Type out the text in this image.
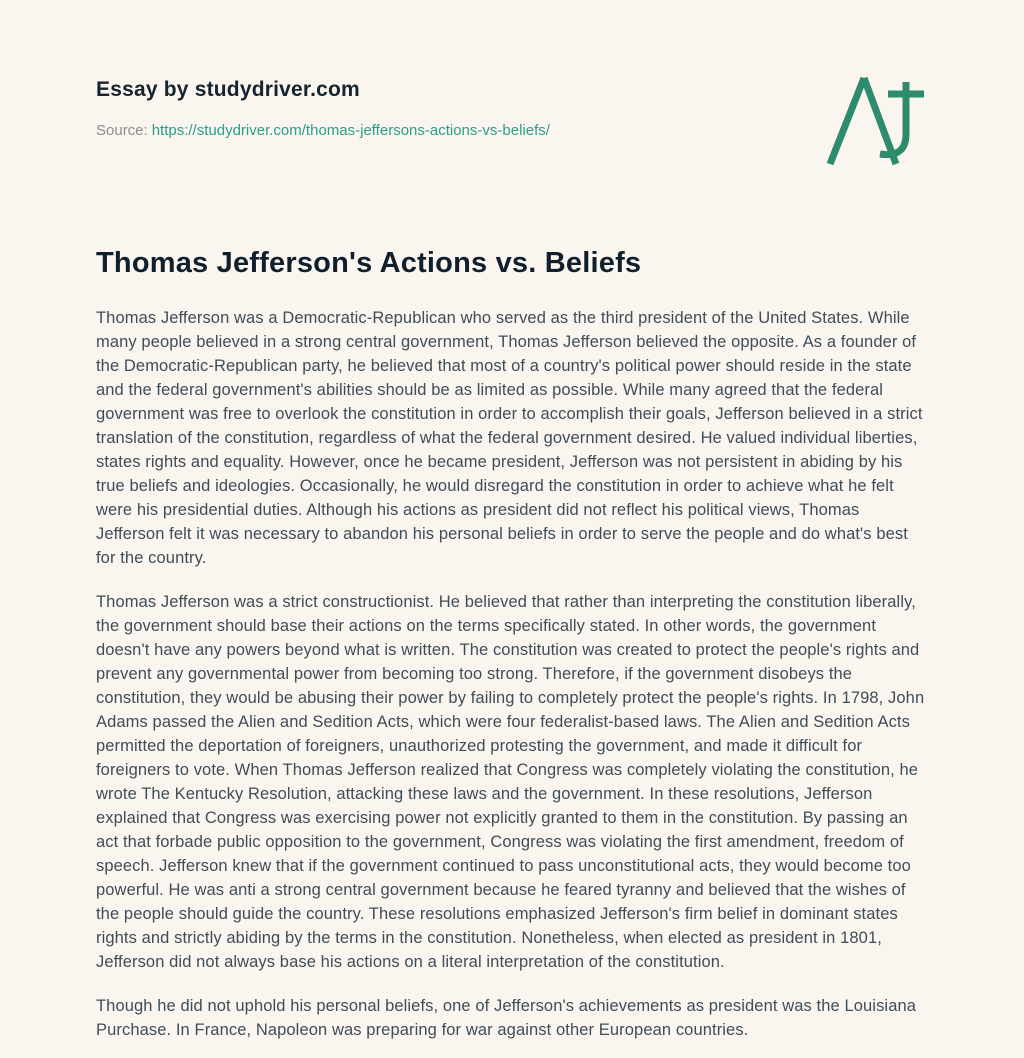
Essay by studydriver.com
Source: https://studydriver.com/thomas-jeffersons-actions-vs-beliefs/
Thomas Jefferson's Actions vs. Beliefs

Thomas Jefferson was a Democratic-Republican who served as the third president of the United States. While many people believed in a strong central government, Thomas Jefferson believed the opposite. As a founder of the Democratic-Republican party, he believed that most of a country's political power should reside in the state and the federal government's abilities should be as limited as possible. While many agreed that the federal government was free to overlook the constitution in order to accomplish their goals, Jefferson believed in a strict translation of the constitution, regardless of what the federal government desired. He valued individual liberties, states rights and equality. However, once he became president, Jefferson was not persistent in abiding by his true beliefs and ideologies. Occasionally, he would disregard the constitution in order to achieve what he felt were his presidential duties. Although his actions as president did not reflect his political views, Thomas Jefferson felt it was necessary to abandon his personal beliefs in order to serve the people and do what's best for the country.

Thomas Jefferson was a strict constructionist. He believed that rather than interpreting the constitution liberally, the government should base their actions on the terms specifically stated. In other words, the government doesn't have any powers beyond what is written. The constitution was created to protect the people's rights and prevent any governmental power from becoming too strong. Therefore, if the government disobeys the constitution, they would be abusing their power by failing to completely protect the people's rights. In 1798, John Adams passed the Alien and Sedition Acts, which were four federalist-based laws. The Alien and Sedition Acts permitted the deportation of foreigners, unauthorized protesting the government, and made it difficult for foreigners to vote. When Thomas Jefferson realized that Congress was completely violating the constitution, he wrote The Kentucky Resolution, attacking these laws and the government. In these resolutions, Jefferson explained that Congress was exercising power not explicitly granted to them in the constitution. By passing an act that forbade public opposition to the government, Congress was violating the first amendment, freedom of speech. Jefferson knew that if the government continued to pass unconstitutional acts, they would become too powerful. He was anti a strong central government because he feared tyranny and believed that the wishes of the people should guide the country. These resolutions emphasized Jefferson's firm belief in dominant states rights and strictly abiding by the terms in the constitution. Nonetheless, when elected as president in 1801, Jefferson did not always base his actions on a literal interpretation of the constitution.

Though he did not uphold his personal beliefs, one of Jefferson's achievements as president was the Louisiana Purchase. In France, Napoleon was preparing for war against other European countries.
